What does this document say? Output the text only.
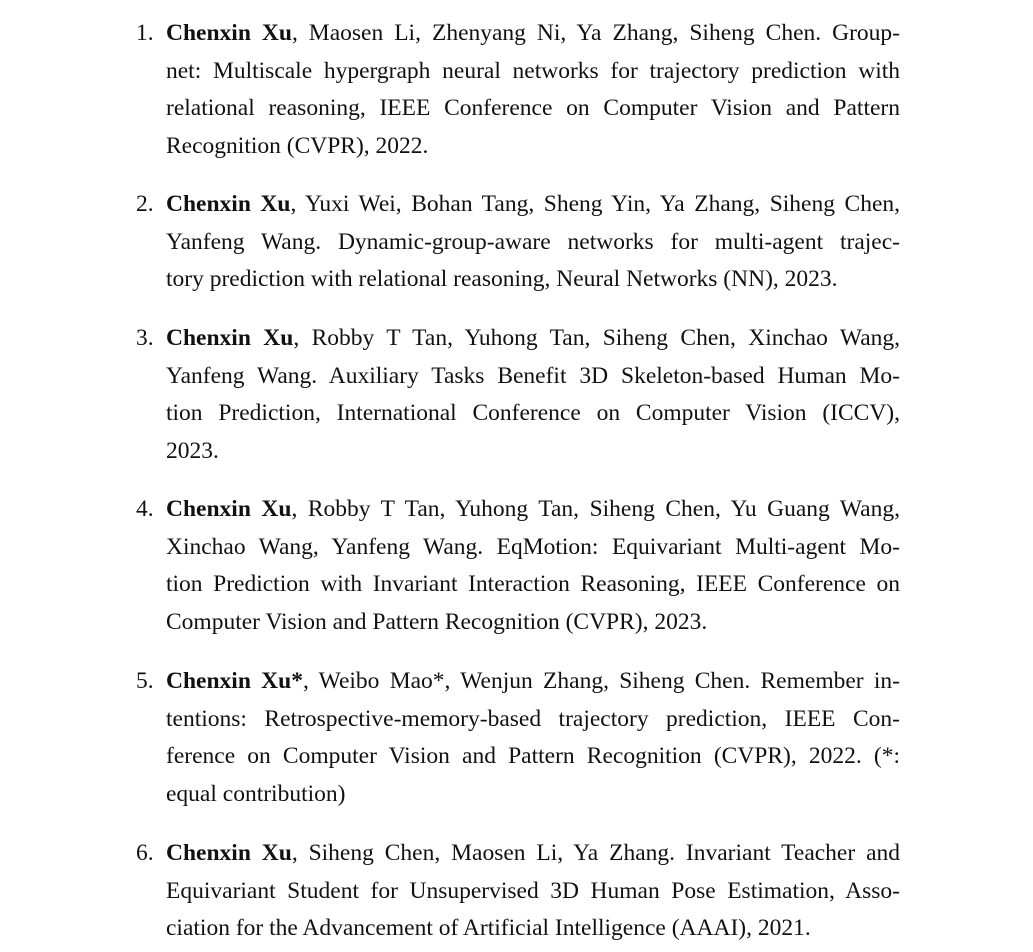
1. Chenxin Xu, Maosen Li, Zhenyang Ni, Ya Zhang, Siheng Chen. Group-
net: Multiscale hypergraph neural networks for trajectory prediction with
relational reasoning, IEEE Conference on Computer Vision and Pattern
Recognition (CVPR), 2022.
2. Chenxin Xu, Yuxi Wei, Bohan Tang, Sheng Yin, Ya Zhang, Siheng Chen,
Yanfeng Wang. Dynamic-group-aware networks for multi-agent trajec-
tory prediction with relational reasoning, Neural Networks (NN), 2023.
3. Chenxin Xu, Robby T Tan, Yuhong Tan, Siheng Chen, Xinchao Wang,
Yanfeng Wang. Auxiliary Tasks Benefit 3D Skeleton-based Human Mo-
tion Prediction, International Conference on Computer Vision (ICCV),
2023.
4. Chenxin Xu, Robby T Tan, Yuhong Tan, Siheng Chen, Yu Guang Wang,
Xinchao Wang, Yanfeng Wang. EqMotion: Equivariant Multi-agent Mo-
tion Prediction with Invariant Interaction Reasoning, IEEE Conference on
Computer Vision and Pattern Recognition (CVPR), 2023.
5. Chenxin Xu*, Weibo Mao*, Wenjun Zhang, Siheng Chen. Remember in-
tentions: Retrospective-memory-based trajectory prediction, IEEE Con-
ference on Computer Vision and Pattern Recognition (CVPR), 2022. (*:
equal contribution)
6. Chenxin Xu, Siheng Chen, Maosen Li, Ya Zhang. Invariant Teacher and
Equivariant Student for Unsupervised 3D Human Pose Estimation, Asso-
ciation for the Advancement of Artificial Intelligence (AAAI), 2021.
